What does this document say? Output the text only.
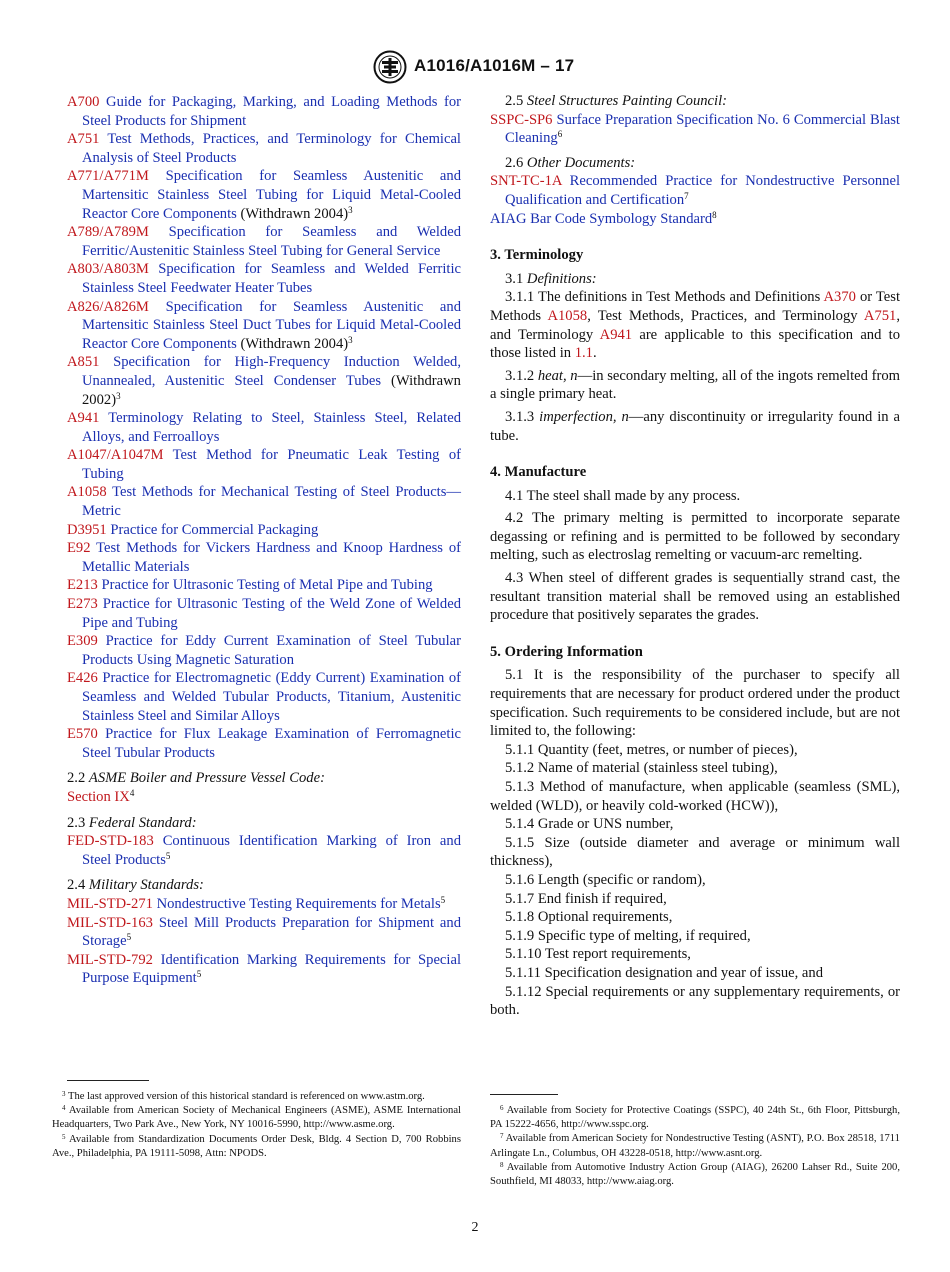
A1016/A1016M – 17
A700 Guide for Packaging, Marking, and Loading Methods for Steel Products for Shipment
A751 Test Methods, Practices, and Terminology for Chemical Analysis of Steel Products
A771/A771M Specification for Seamless Austenitic and Martensitic Stainless Steel Tubing for Liquid Metal-Cooled Reactor Core Components (Withdrawn 2004)$^3$
A789/A789M Specification for Seamless and Welded Ferritic/Austenitic Stainless Steel Tubing for General Service
A803/A803M Specification for Seamless and Welded Ferritic Stainless Steel Feedwater Heater Tubes
A826/A826M Specification for Seamless Austenitic and Martensitic Stainless Steel Duct Tubes for Liquid Metal-Cooled Reactor Core Components (Withdrawn 2004)$^3$
A851 Specification for High-Frequency Induction Welded, Unannealed, Austenitic Steel Condenser Tubes (Withdrawn 2002)$^3$
A941 Terminology Relating to Steel, Stainless Steel, Related Alloys, and Ferroalloys
A1047/A1047M Test Method for Pneumatic Leak Testing of Tubing
A1058 Test Methods for Mechanical Testing of Steel Products—Metric
D3951 Practice for Commercial Packaging
E92 Test Methods for Vickers Hardness and Knoop Hardness of Metallic Materials
E213 Practice for Ultrasonic Testing of Metal Pipe and Tubing
E273 Practice for Ultrasonic Testing of the Weld Zone of Welded Pipe and Tubing
E309 Practice for Eddy Current Examination of Steel Tubular Products Using Magnetic Saturation
E426 Practice for Electromagnetic (Eddy Current) Examination of Seamless and Welded Tubular Products, Titanium, Austenitic Stainless Steel and Similar Alloys
E570 Practice for Flux Leakage Examination of Ferromagnetic Steel Tubular Products
2.2 ASME Boiler and Pressure Vessel Code:
Section $IX^4$
2.3 Federal Standard:
FED-STD-183 Continuous Identification Marking of Iron and Steel Products$^5$
2.4 Military Standards:
MIL-STD-271 Nondestructive Testing Requirements for Metals$^5$
MIL-STD-163 Steel Mill Products Preparation for Shipment and Storage$^5$
MIL-STD-792 Identification Marking Requirements for Special Purpose Equipment$^5$
2.5 Steel Structures Painting Council:
SSPC-SP6 Surface Preparation Specification No. 6 Commercial Blast Cleaning$^6$
2.6 Other Documents:
SNT-TC-1A Recommended Practice for Nondestructive Personnel Qualification and Certification$^7$
AIAG Bar Code Symbology Standard$^8$
3. Terminology
3.1 Definitions:
3.1.1 The definitions in Test Methods and Definitions A370 or Test Methods A1058, Test Methods, Practices, and Terminology A751, and Terminology A941 are applicable to this specification and to those listed in 1.1.
3.1.2 heat, n—in secondary melting, all of the ingots remelted from a single primary heat.
3.1.3 imperfection, n—any discontinuity or irregularity found in a tube.
4. Manufacture
4.1 The steel shall made by any process.
4.2 The primary melting is permitted to incorporate separate degassing or refining and is permitted to be followed by secondary melting, such as electroslag remelting or vacuum-arc remelting.
4.3 When steel of different grades is sequentially strand cast, the resultant transition material shall be removed using an established procedure that positively separates the grades.
5. Ordering Information
5.1 It is the responsibility of the purchaser to specify all requirements that are necessary for product ordered under the product specification. Such requirements to be considered include, but are not limited to, the following:
5.1.1 Quantity (feet, metres, or number of pieces),
5.1.2 Name of material (stainless steel tubing),
5.1.3 Method of manufacture, when applicable (seamless (SML), welded (WLD), or heavily cold-worked (HCW)),
5.1.4 Grade or UNS number,
5.1.5 Size (outside diameter and average or minimum wall thickness),
5.1.6 Length (specific or random),
5.1.7 End finish if required,
5.1.8 Optional requirements,
5.1.9 Specific type of melting, if required,
5.1.10 Test report requirements,
5.1.11 Specification designation and year of issue, and
5.1.12 Special requirements or any supplementary requirements, or both.
$^3$ The last approved version of this historical standard is referenced on www.astm.org.
$^4$ Available from American Society of Mechanical Engineers (ASME), ASME International Headquarters, Two Park Ave., New York, NY 10016-5990, http://www.asme.org.
$^5$ Available from Standardization Documents Order Desk, Bldg. 4 Section D, 700 Robbins Ave., Philadelphia, PA 19111-5098, Attn: NPODS.
$^6$ Available from Society for Protective Coatings (SSPC), 40 24th St., 6th Floor, Pittsburgh, PA 15222-4656, http://www.sspc.org.
$^7$ Available from American Society for Nondestructive Testing (ASNT), P.O. Box 28518, 1711 Arlingate Ln., Columbus, OH 43228-0518, http://www.asnt.org.
$^8$ Available from Automotive Industry Action Group (AIAG), 26200 Lahser Rd., Suite 200, Southfield, MI 48033, http://www.aiag.org.
2
